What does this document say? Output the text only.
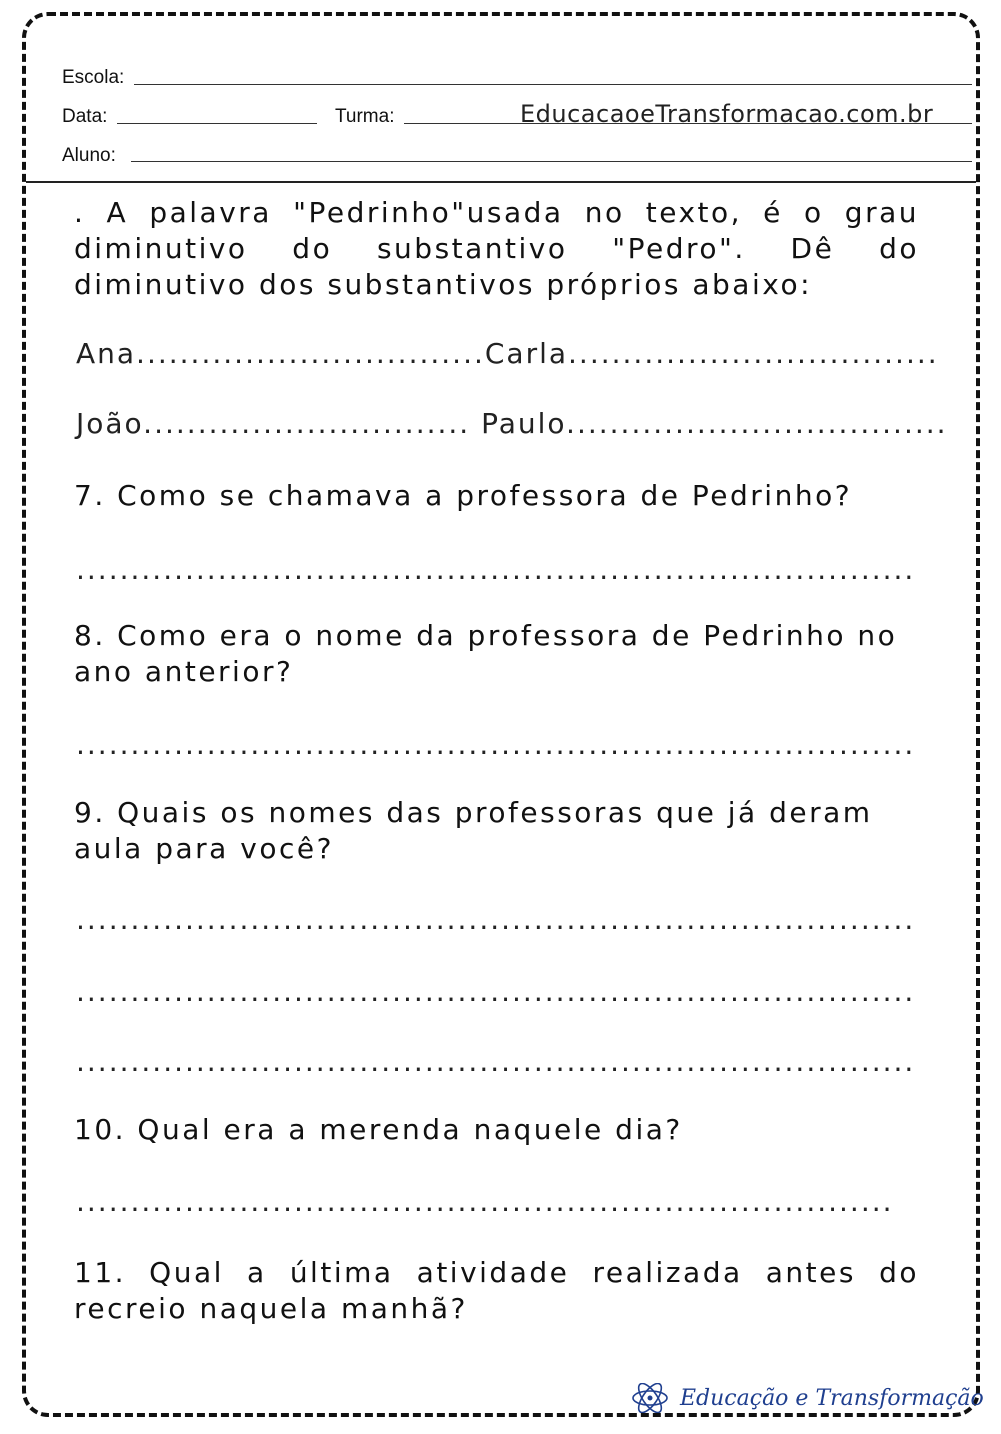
Escola:
Data:	Turma:	EducacaoeTransformacao.com.br
Aluno:
. A palavra "Pedrinho"usada no texto, é o grau diminutivo do substantivo "Pedro". Dê do diminutivo dos substantivos próprios abaixo:
Ana................................Carla..................................
João.............................. Paulo...................................
7. Como se chamava a professora de Pedrinho?
.............................................................................
8. Como era o nome da professora de Pedrinho no ano anterior?
.............................................................................
9. Quais os nomes das professoras que já deram aula para você?
.............................................................................
.............................................................................
.............................................................................
10. Qual era a merenda naquele dia?
...........................................................................
11. Qual a última atividade realizada antes do recreio naquela manhã?
Educação e Transformação
